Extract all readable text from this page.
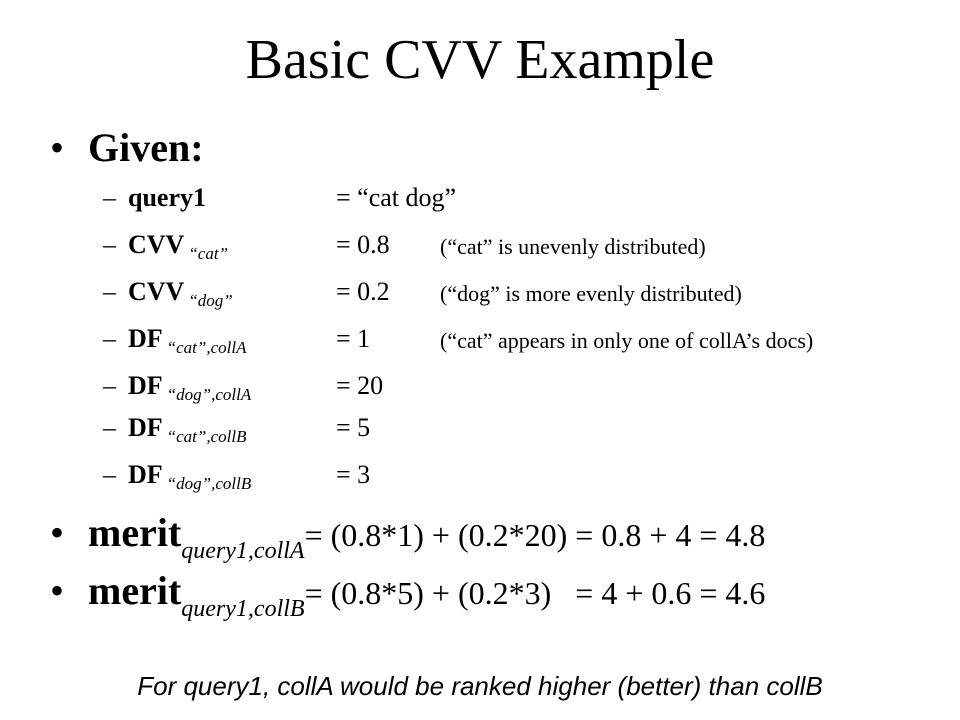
Basic CVV Example
• Given:
– query1	= “cat dog”
– CVV $_{“cat”}$	= 0.8 (“cat” is unevenly distributed)
– CVV $_{“dog”}$	= 0.2 (“dog” is more evenly distributed)
– DF $_{“cat”,collA}$	= 1	(“cat” appears in only one of collA’s docs)
– DF $_{“dog”,collA}$	= 20
– DF $_{“cat”,collB}$	= 5
– DF $_{“dog”,collB}$	= 3
• merit$_{query1,collA}$= (0.8*1) + (0.2*20) = 0.8 + 4 = 4.8
• merit$_{query1,collB}$= (0.8*5) + (0.2*3)   = 4 + 0.6 = 4.6
For query1, collA would be ranked higher (better) than collB
